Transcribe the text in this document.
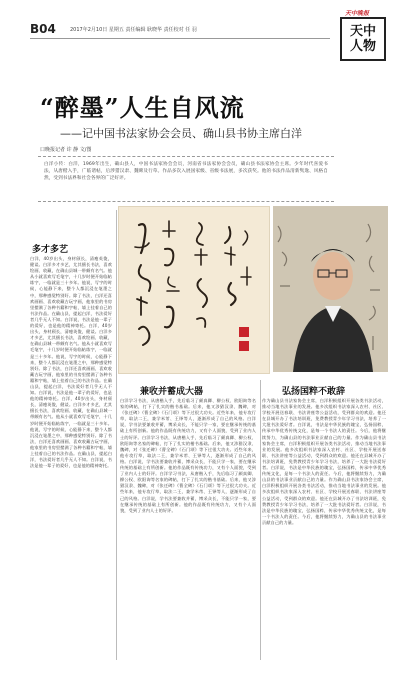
B04	2017年2月10日 星期五 责任编辑 耿晓华 责任校对 任 羽
天中晚报
天中人物
“醉墨”人生自风流
——记中国书法家协会会员、确山县书协主席白洋
口晚报记者 许 静 文/图
白洋小传：白洋，1969年出生，确山县人，中国书法家协会会员，河南省书法家协会会员，确山县书法家协会主席。少年时代喜爱书法，从唐楷入手，广临诸帖，后涉猎汉隶、魏碑及行草。作品多次入展国家级、省级书法展，多次获奖。他的书法作品清新隽逸、风格自然，受到书法界和社会各界的广泛好评。
多才多艺
白洋，40岁出头，身材颀长，清瘦英俊，健谈。白洋多才多艺，尤其擅长书法，喜欢绘画、收藏，在确山县城一带颇有名气。他从小就喜欢写毛笔字，十几岁时便开始临帖练字，一临就是三十多年。他说，写字的时候，心能静下来，整个人都沉浸在笔墨之中，那种感觉特别好。除了书法，白洋还喜欢画画、喜欢收藏古玩字画，他家里的书房里摆满了各种书籍和字帖，墙上挂着自己的书法作品。在确山县，提起白洋，书法爱好者几乎无人不知。白洋说，书法是他一辈子的爱好，也是他的精神寄托。白洋，40岁出头，身材颀长，清瘦英俊，健谈。白洋多才多艺，尤其擅长书法，喜欢绘画、收藏，在确山县城一带颇有名气。他从小就喜欢写毛笔字，十几岁时便开始临帖练字，一临就是三十多年。他说，写字的时候，心能静下来，整个人都沉浸在笔墨之中，那种感觉特别好。除了书法，白洋还喜欢画画、喜欢收藏古玩字画，他家里的书房里摆满了各种书籍和字帖，墙上挂着自己的书法作品。在确山县，提起白洋，书法爱好者几乎无人不知。白洋说，书法是他一辈子的爱好，也是他的精神寄托。白洋，40岁出头，身材颀长，清瘦英俊，健谈。白洋多才多艺，尤其擅长书法，喜欢绘画、收藏，在确山县城一带颇有名气。他从小就喜欢写毛笔字，十几岁时便开始临帖练字，一临就是三十多年。他说，写字的时候，心能静下来，整个人都沉浸在笔墨之中，那种感觉特别好。除了书法，白洋还喜欢画画、喜欢收藏古玩字画，他家里的书房里摆满了各种书籍和字帖，墙上挂着自己的书法作品。在确山县，提起白洋，书法爱好者几乎无人不知。白洋说，书法是他一辈子的爱好，也是他的精神寄托。
兼收并蓄成大器
白洋学习书法，从唐楷入手，先后临习了颜真卿、柳公权、欧阳询等名家的碑帖，打下了扎实的楷书基础。后来，他又涉猎汉隶、魏碑，对《张迁碑》《曹全碑》《石门颂》等下过很大功夫。近些年来，他专攻行草，取法二王，兼学米芾、王铎等人，逐渐形成了自己的风格。白洋说，学书法要兼收并蓄，博采众长，不能只学一家，要在继承传统的基础上有所创新。他的作品既有传统功力，又有个人面貌，受到了业内人士的好评。白洋学习书法，从唐楷入手，先后临习了颜真卿、柳公权、欧阳询等名家的碑帖，打下了扎实的楷书基础。后来，他又涉猎汉隶、魏碑，对《张迁碑》《曹全碑》《石门颂》等下过很大功夫。近些年来，他专攻行草，取法二王，兼学米芾、王铎等人，逐渐形成了自己的风格。白洋说，学书法要兼收并蓄，博采众长，不能只学一家，要在继承传统的基础上有所创新。他的作品既有传统功力，又有个人面貌，受到了业内人士的好评。白洋学习书法，从唐楷入手，先后临习了颜真卿、柳公权、欧阳询等名家的碑帖，打下了扎实的楷书基础。后来，他又涉猎汉隶、魏碑，对《张迁碑》《曹全碑》《石门颂》等下过很大功夫。近些年来，他专攻行草，取法二王，兼学米芾、王铎等人，逐渐形成了自己的风格。白洋说，学书法要兼收并蓄，博采众长，不能只学一家，要在继承传统的基础上有所创新。他的作品既有传统功力，又有个人面貌，受到了业内人士的好评。
弘扬国粹不敢辞
作为确山县书法家协会主席，白洋积极组织开展各类书法活动，推动当地书法事业的发展。他多次组织书法家深入农村、社区、学校开展送春联、书法讲座等公益活动，受到群众的欢迎。他还在县城开办了书法培训班，免费教授青少年学习书法，培养了一大批书法爱好者。白洋说，书法是中华民族的瑰宝，弘扬国粹，传承中华优秀传统文化，是每一个书法人的责任。今后，他将继续努力，为确山县的书法事业贡献自己的力量。作为确山县书法家协会主席，白洋积极组织开展各类书法活动，推动当地书法事业的发展。他多次组织书法家深入农村、社区、学校开展送春联、书法讲座等公益活动，受到群众的欢迎。他还在县城开办了书法培训班，免费教授青少年学习书法，培养了一大批书法爱好者。白洋说，书法是中华民族的瑰宝，弘扬国粹，传承中华优秀传统文化，是每一个书法人的责任。今后，他将继续努力，为确山县的书法事业贡献自己的力量。作为确山县书法家协会主席，白洋积极组织开展各类书法活动，推动当地书法事业的发展。他多次组织书法家深入农村、社区、学校开展送春联、书法讲座等公益活动，受到群众的欢迎。他还在县城开办了书法培训班，免费教授青少年学习书法，培养了一大批书法爱好者。白洋说，书法是中华民族的瑰宝，弘扬国粹，传承中华优秀传统文化，是每一个书法人的责任。今后，他将继续努力，为确山县的书法事业贡献自己的力量。
